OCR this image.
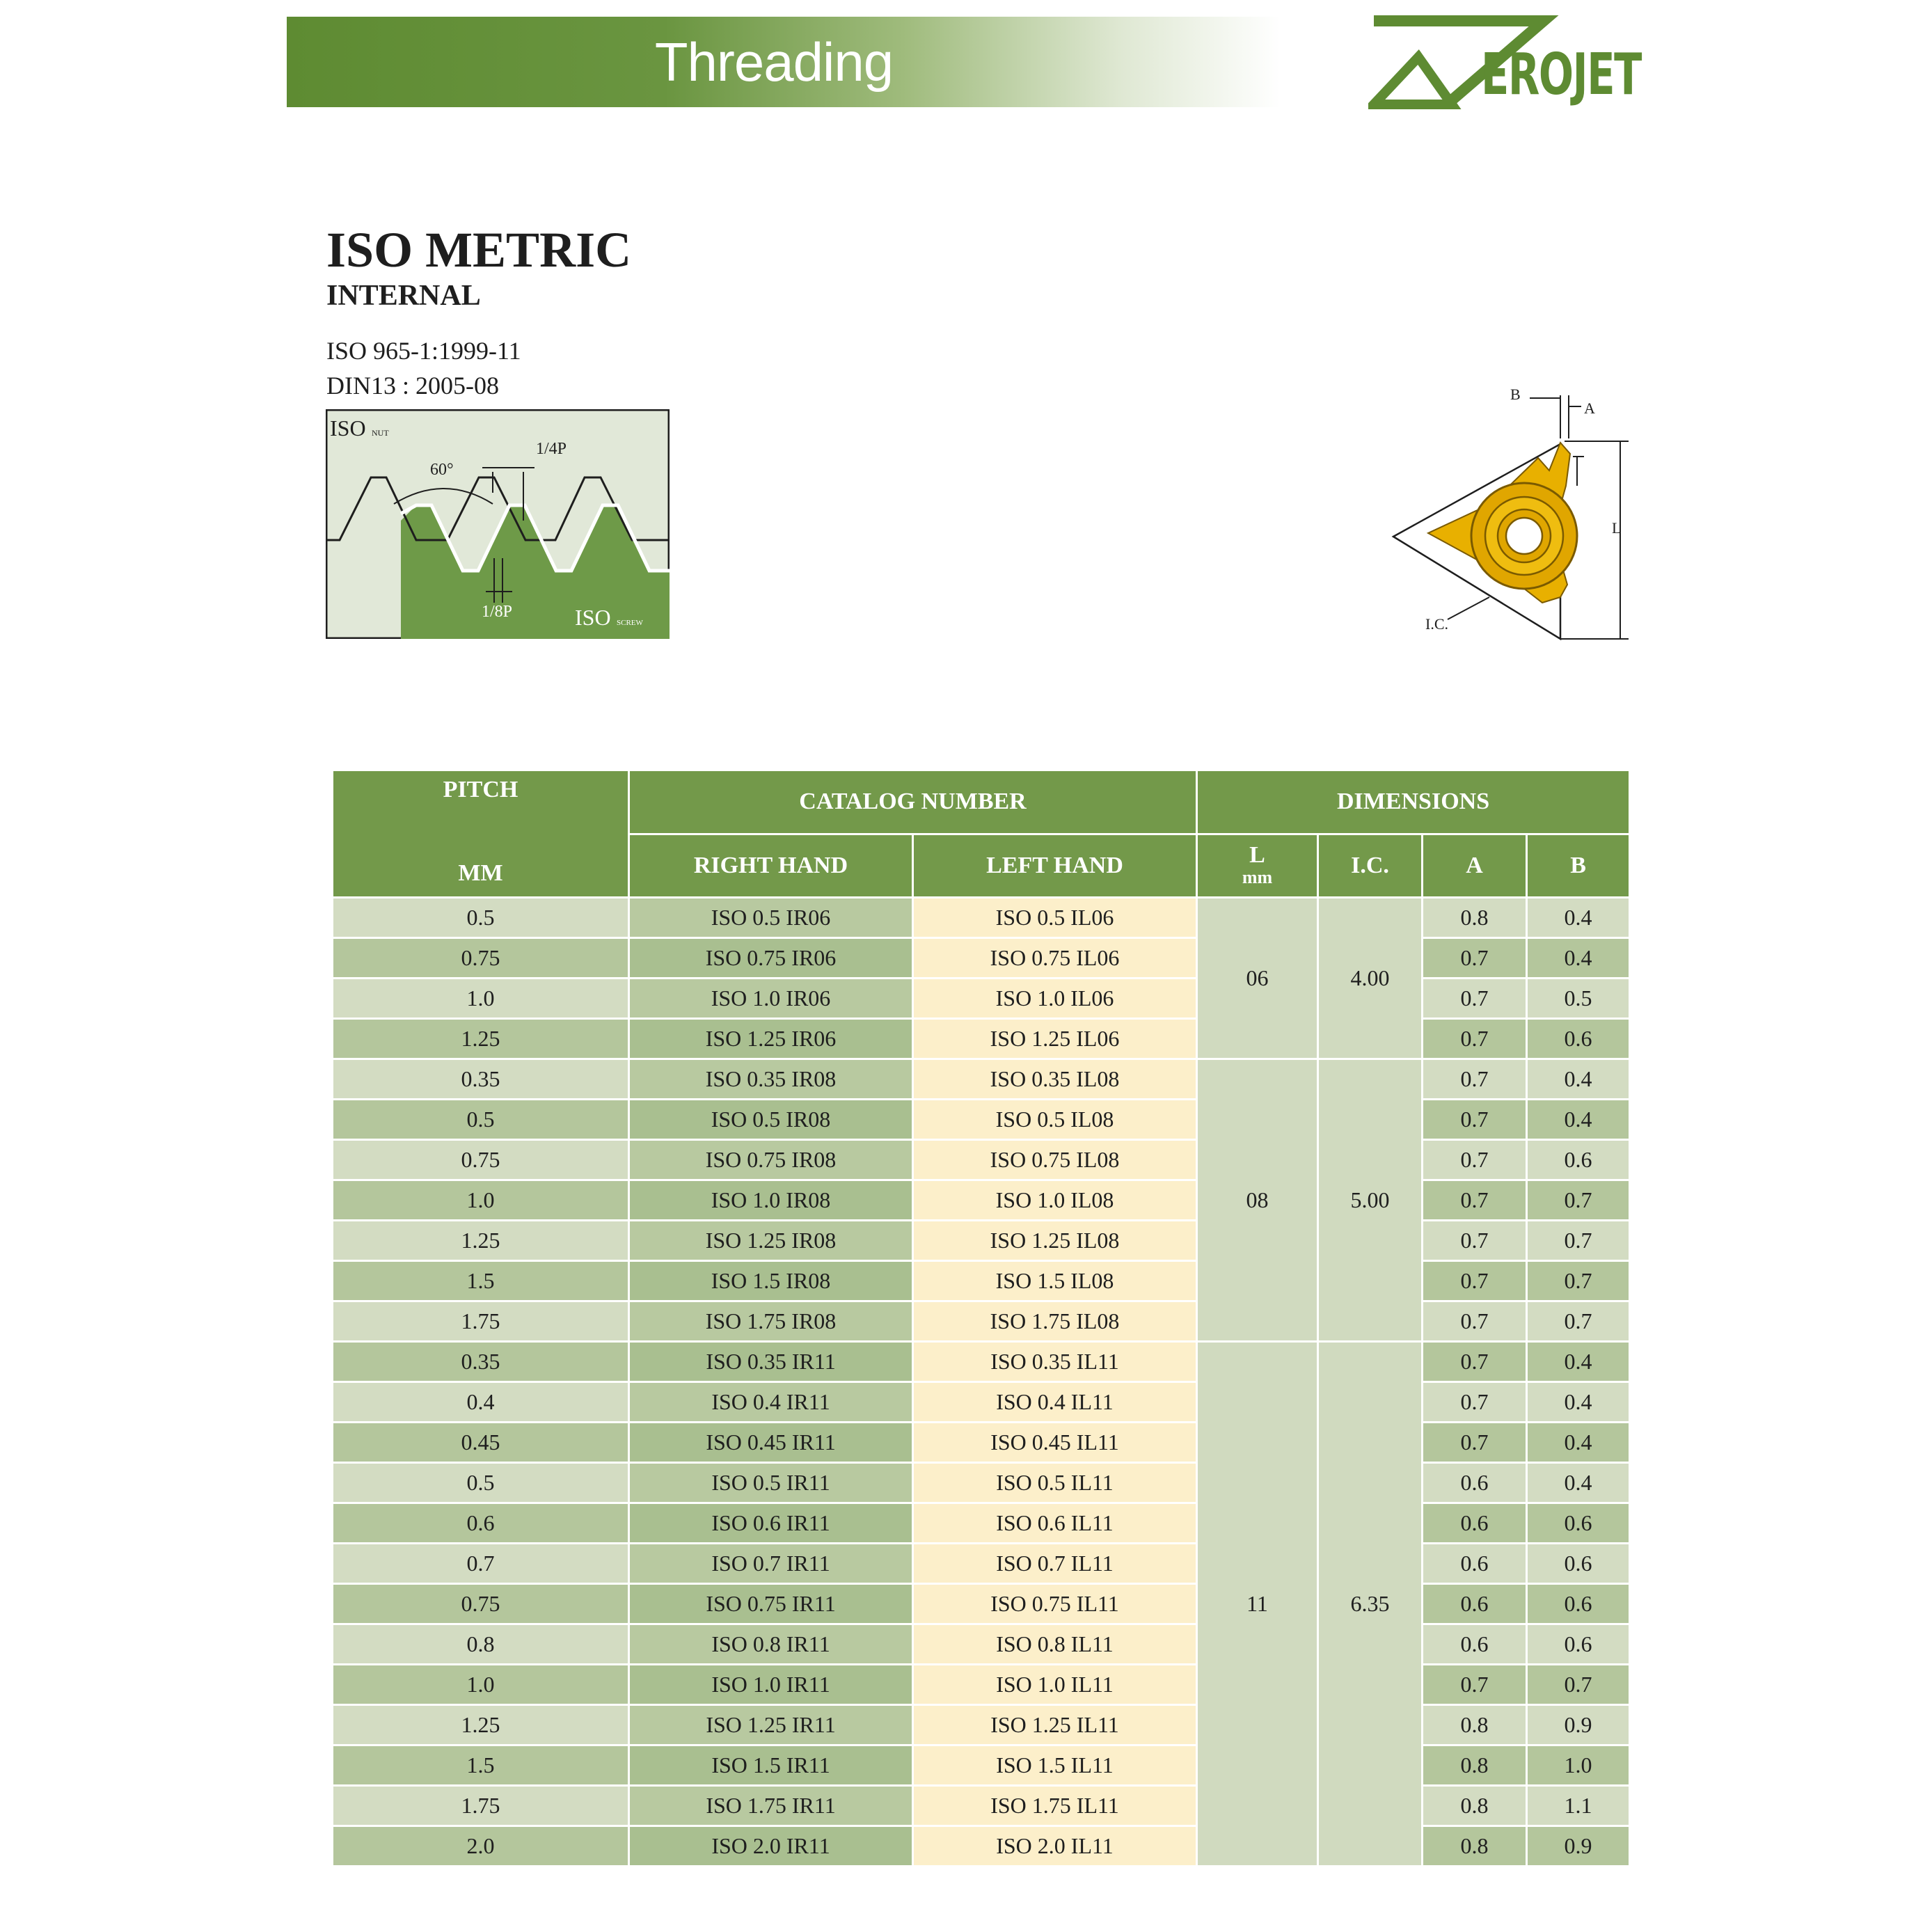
Threading Inserts
EROJET
ISO METRIC
INTERNAL
ISO 965-1:1999-11
DIN13 : 2005-08
ISO NUT
60°
1/4P
1/8P	ISO SCREW
B
A
L
I.C.
PITCH
MM	CATALOG NUMBER		DIMENSIONS			
	RIGHT HAND	LEFT HAND	L
mm	I.C.	A	B
0.5	ISO 0.5 IR06	ISO 0.5 IL06	06	4.00	0.8	0.4
0.75	ISO 0.75 IR06	ISO 0.75 IL06			0.7	0.4
1.0	ISO 1.0 IR06	ISO 1.0 IL06			0.7	0.5
1.25	ISO 1.25 IR06	ISO 1.25 IL06			0.7	0.6
0.35	ISO 0.35 IR08	ISO 0.35 IL08	08	5.00	0.7	0.4
0.5	ISO 0.5 IR08	ISO 0.5 IL08			0.7	0.4
0.75	ISO 0.75 IR08	ISO 0.75 IL08			0.7	0.6
1.0	ISO 1.0 IR08	ISO 1.0 IL08			0.7	0.7
1.25	ISO 1.25 IR08	ISO 1.25 IL08			0.7	0.7
1.5	ISO 1.5 IR08	ISO 1.5 IL08			0.7	0.7
1.75	ISO 1.75 IR08	ISO 1.75 IL08			0.7	0.7
0.35	ISO 0.35 IR11	ISO 0.35 IL11	11	6.35	0.7	0.4
0.4	ISO 0.4 IR11	ISO 0.4 IL11			0.7	0.4
0.45	ISO 0.45 IR11	ISO 0.45 IL11			0.7	0.4
0.5	ISO 0.5 IR11	ISO 0.5 IL11			0.6	0.4
0.6	ISO 0.6 IR11	ISO 0.6 IL11			0.6	0.6
0.7	ISO 0.7 IR11	ISO 0.7 IL11			0.6	0.6
0.75	ISO 0.75 IR11	ISO 0.75 IL11			0.6	0.6
0.8	ISO 0.8 IR11	ISO 0.8 IL11			0.6	0.6
1.0	ISO 1.0 IR11	ISO 1.0 IL11			0.7	0.7
1.25	ISO 1.25 IR11	ISO 1.25 IL11			0.8	0.9
1.5	ISO 1.5 IR11	ISO 1.5 IL11			0.8	1.0
1.75	ISO 1.75 IR11	ISO 1.75 IL11			0.8	1.1
2.0	ISO 2.0 IR11	ISO 2.0 IL11			0.8	0.9
